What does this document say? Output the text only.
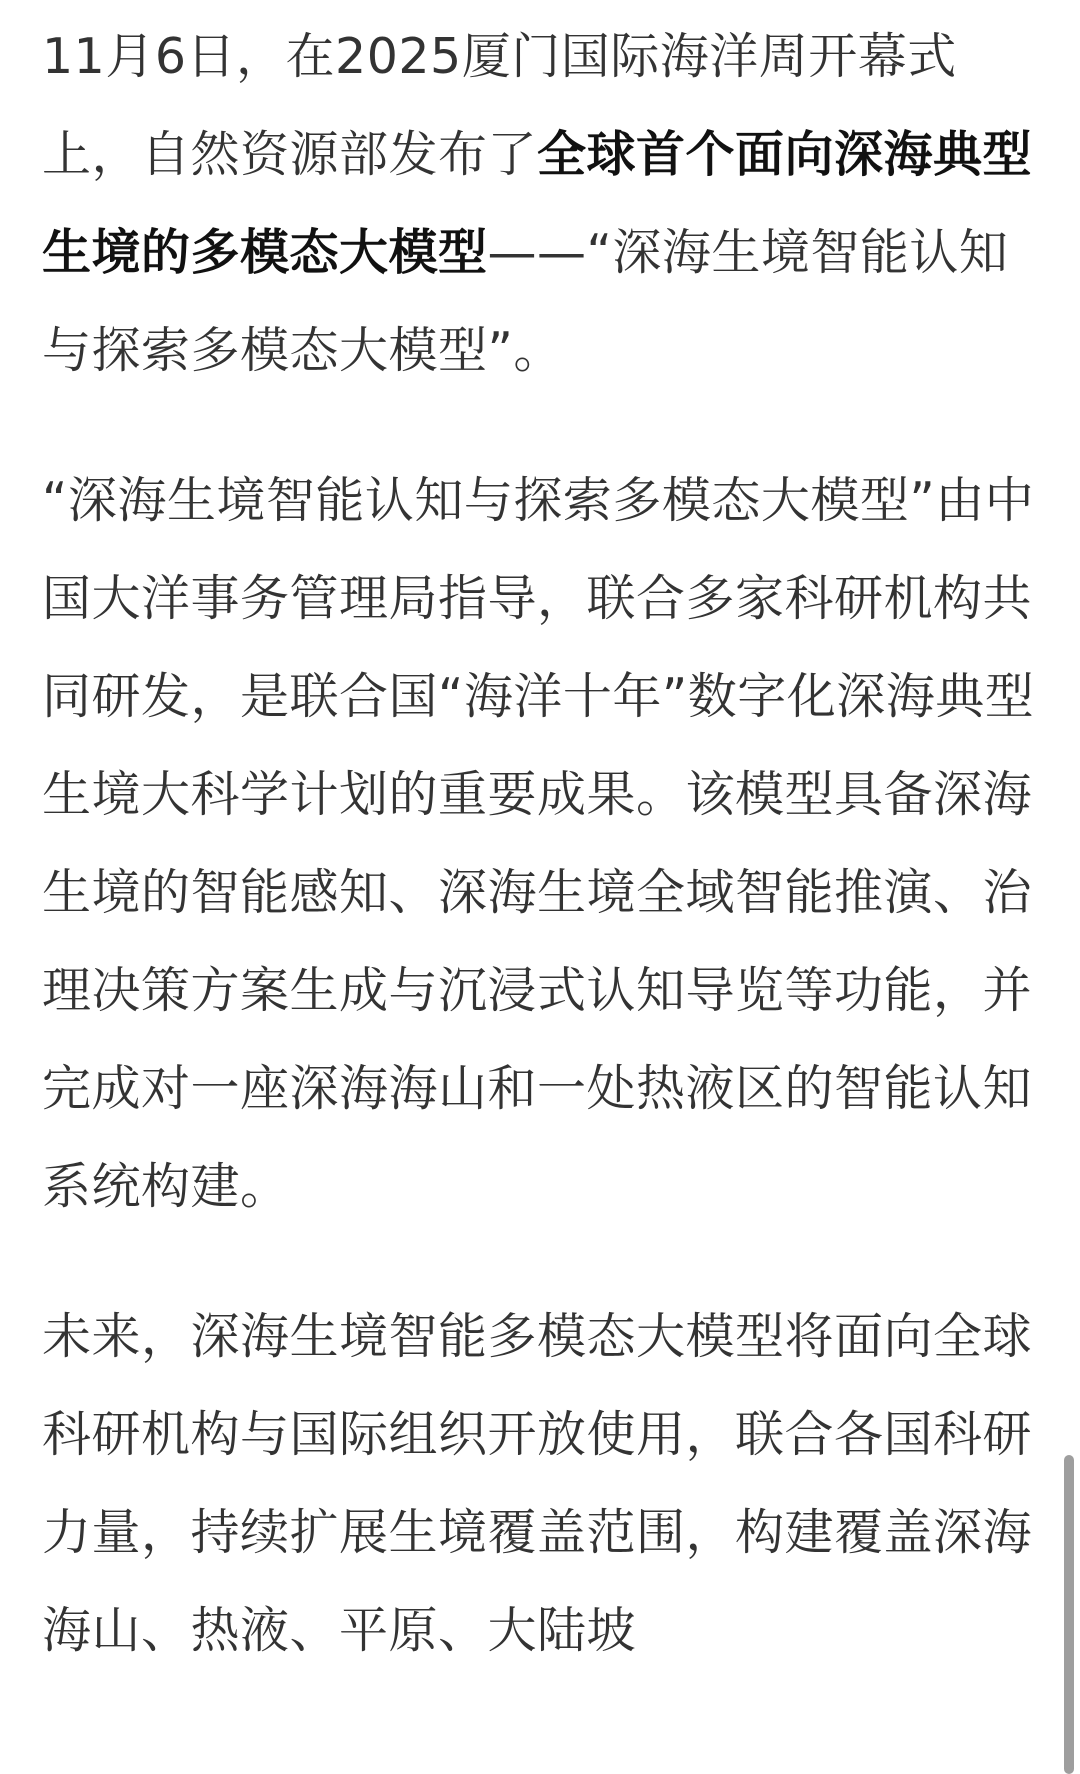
11月6日，在2025厦门国际海洋周开幕式上，自然资源部发布了全球首个面向深海典型生境的多模态大模型——“深海生境智能认知与探索多模态大模型”。

“深海生境智能认知与探索多模态大模型”由中国大洋事务管理局指导，联合多家科研机构共同研发，是联合国“海洋十年”数字化深海典型生境大科学计划的重要成果。该模型具备深海生境的智能感知、深海生境全域智能推演、治理决策方案生成与沉浸式认知导览等功能，并完成对一座深海海山和一处热液区的智能认知系统构建。

未来，深海生境智能多模态大模型将面向全球科研机构与国际组织开放使用，联合各国科研力量，持续扩展生境覆盖范围，构建覆盖深海海山、热液、平原、大陆坡
